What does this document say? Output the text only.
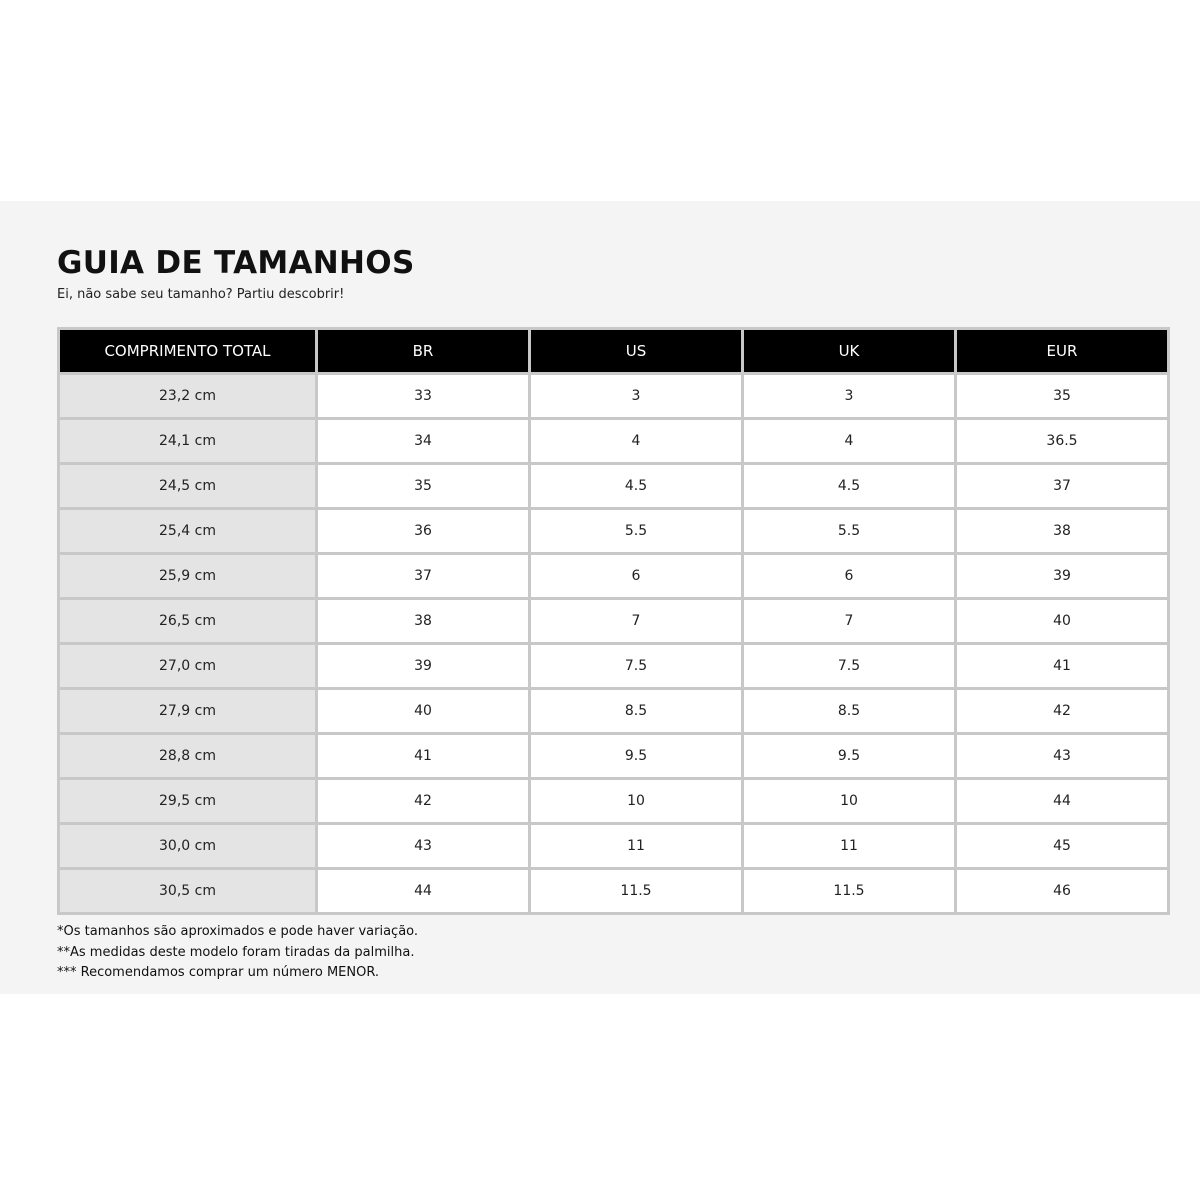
GUIA DE TAMANHOS

Ei, não sabe seu tamanho? Partiu descobrir!

COMPRIMENTO TOTAL	BR	US	UK	EUR
23,2 cm	33	3	3	35
24,1 cm	34	4	4	36.5
24,5 cm	35	4.5	4.5	37
25,4 cm	36	5.5	5.5	38
25,9 cm	37	6	6	39
26,5 cm	38	7	7	40
27,0 cm	39	7.5	7.5	41
27,9 cm	40	8.5	8.5	42
28,8 cm	41	9.5	9.5	43
29,5 cm	42	10	10	44
30,0 cm	43	11	11	45
30,5 cm	44	11.5	11.5	46
*Os tamanhos são aproximados e pode haver variação.
**As medidas deste modelo foram tiradas da palmilha.
*** Recomendamos comprar um número MENOR.
